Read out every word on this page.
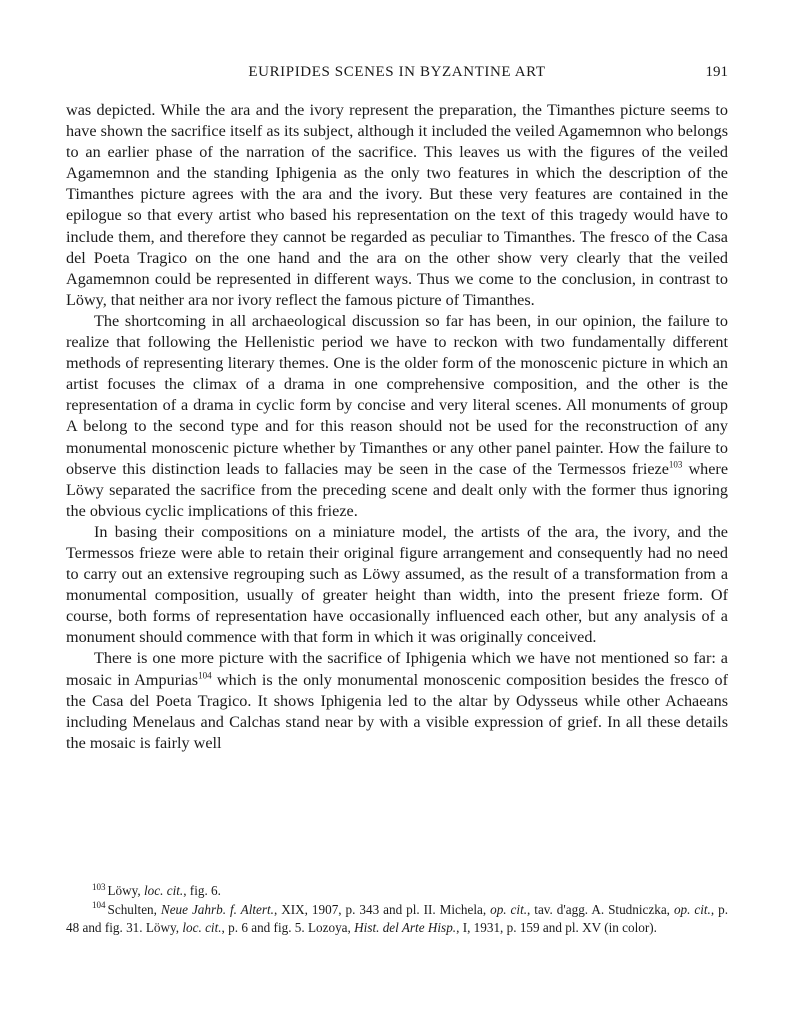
EURIPIDES SCENES IN BYZANTINE ART	191

was depicted. While the ara and the ivory represent the preparation, the Timanthes picture seems to have shown the sacrifice itself as its subject, although it included the veiled Agamemnon who belongs to an earlier phase of the narration of the sacrifice. This leaves us with the figures of the veiled Agamemnon and the standing Iphigenia as the only two features in which the description of the Timanthes picture agrees with the ara and the ivory. But these very features are contained in the epilogue so that every artist who based his representation on the text of this tragedy would have to include them, and therefore they cannot be regarded as peculiar to Timanthes. The fresco of the Casa del Poeta Tragico on the one hand and the ara on the other show very clearly that the veiled Agamemnon could be represented in different ways. Thus we come to the conclusion, in contrast to Löwy, that neither ara nor ivory reflect the famous picture of Timanthes.

The shortcoming in all archaeological discussion so far has been, in our opinion, the failure to realize that following the Hellenistic period we have to reckon with two fundamentally different methods of representing literary themes. One is the older form of the monoscenic picture in which an artist focuses the climax of a drama in one comprehensive composition, and the other is the representation of a drama in cyclic form by concise and very literal scenes. All monuments of group A belong to the second type and for this reason should not be used for the reconstruction of any monumental monoscenic picture whether by Timanthes or any other panel painter. How the failure to observe this distinction leads to fallacies may be seen in the case of the Termessos frieze$^{103}$ where Löwy separated the sacrifice from the preceding scene and dealt only with the former thus ignoring the obvious cyclic implications of this frieze.

In basing their compositions on a miniature model, the artists of the ara, the ivory, and the Termessos frieze were able to retain their original figure arrangement and consequently had no need to carry out an extensive regrouping such as Löwy assumed, as the result of a transformation from a monumental composition, usually of greater height than width, into the present frieze form. Of course, both forms of representation have occasionally influenced each other, but any analysis of a monument should commence with that form in which it was originally conceived.

There is one more picture with the sacrifice of Iphigenia which we have not mentioned so far: a mosaic in Ampurias$^{104}$ which is the only monumental monoscenic composition besides the fresco of the Casa del Poeta Tragico. It shows Iphigenia led to the altar by Odysseus while other Achaeans including Menelaus and Calchas stand near by with a visible expression of grief. In all these details the mosaic is fairly well

$^{103}$ Löwy, loc. cit., fig. 6.

$^{104}$ Schulten, Neue Jahrb. f. Altert., XIX, 1907, p. 343 and pl. II. Michela, op. cit., tav. d'agg. A. Studniczka, op. cit., p. 48 and fig. 31. Löwy, loc. cit., p. 6 and fig. 5. Lozoya, Hist. del Arte Hisp., I, 1931, p. 159 and pl. XV (in color).
